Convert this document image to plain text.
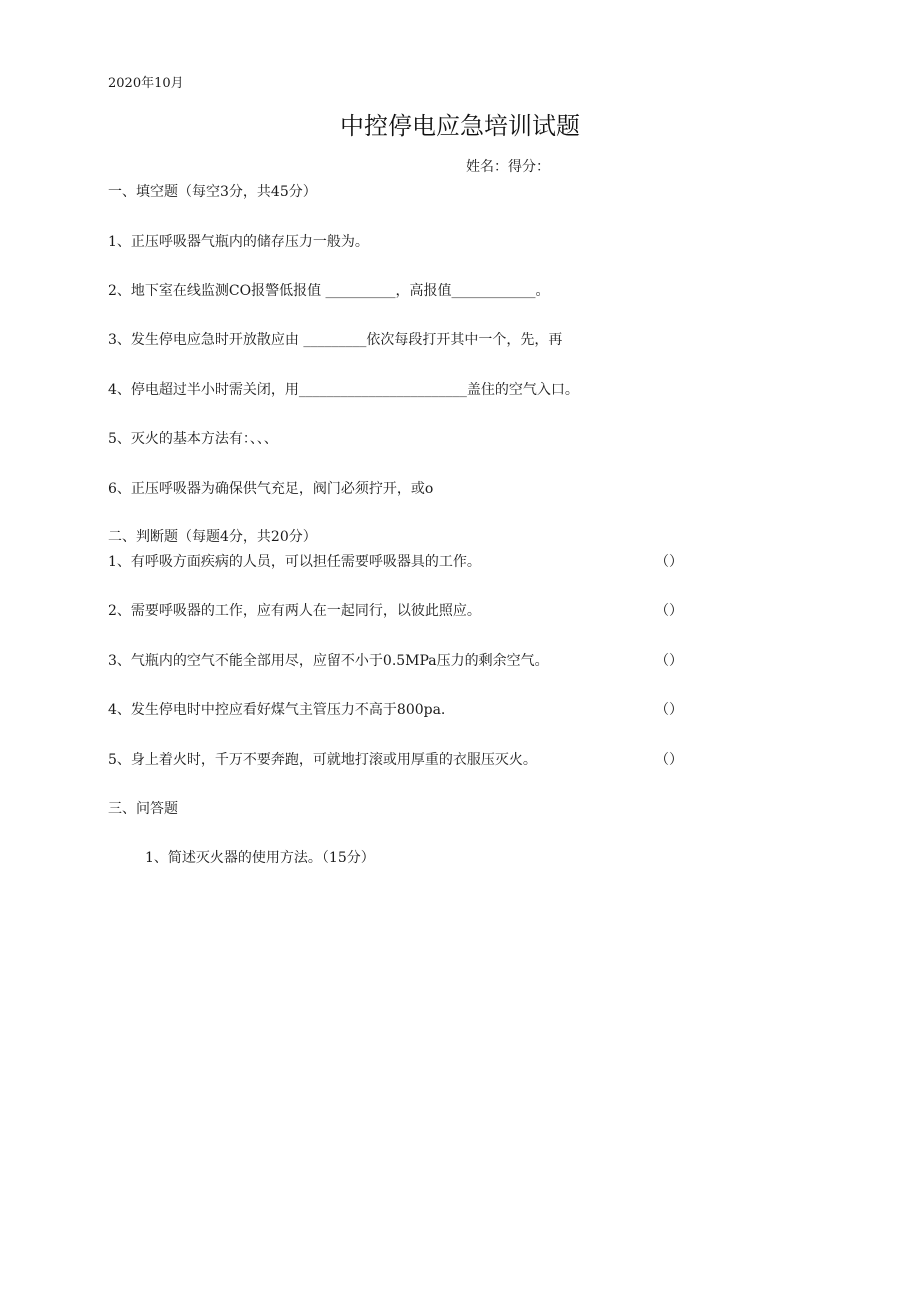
2020年10月
中控停电应急培训试题
姓名：得分：
一、填空题（每空3分，共45分）
1、正压呼吸器气瓶内的储存压力一般为。
2、地下室在线监测CO报警低报值 __________，高报值____________。
3、发生停电应急时开放散应由 _________依次每段打开其中一个，先，再
4、停电超过半小时需关闭，用________________________盖住的空气入口。
5、灭火的基本方法有：、、、
6、正压呼吸器为确保供气充足，阀门必须拧开，或o
二、判断题（每题4分，共20分）
1、有呼吸方面疾病的人员，可以担任需要呼吸器具的工作。	（）
2、需要呼吸器的工作，应有两人在一起同行，以彼此照应。	（）
3、气瓶内的空气不能全部用尽，应留不小于0.5MPa压力的剩余空气。	（）
4、发生停电时中控应看好煤气主管压力不高于800pa.	（）
5、身上着火时，千万不要奔跑，可就地打滚或用厚重的衣服压灭火。	（）
三、问答题
1、简述灭火器的使用方法。（15分）
